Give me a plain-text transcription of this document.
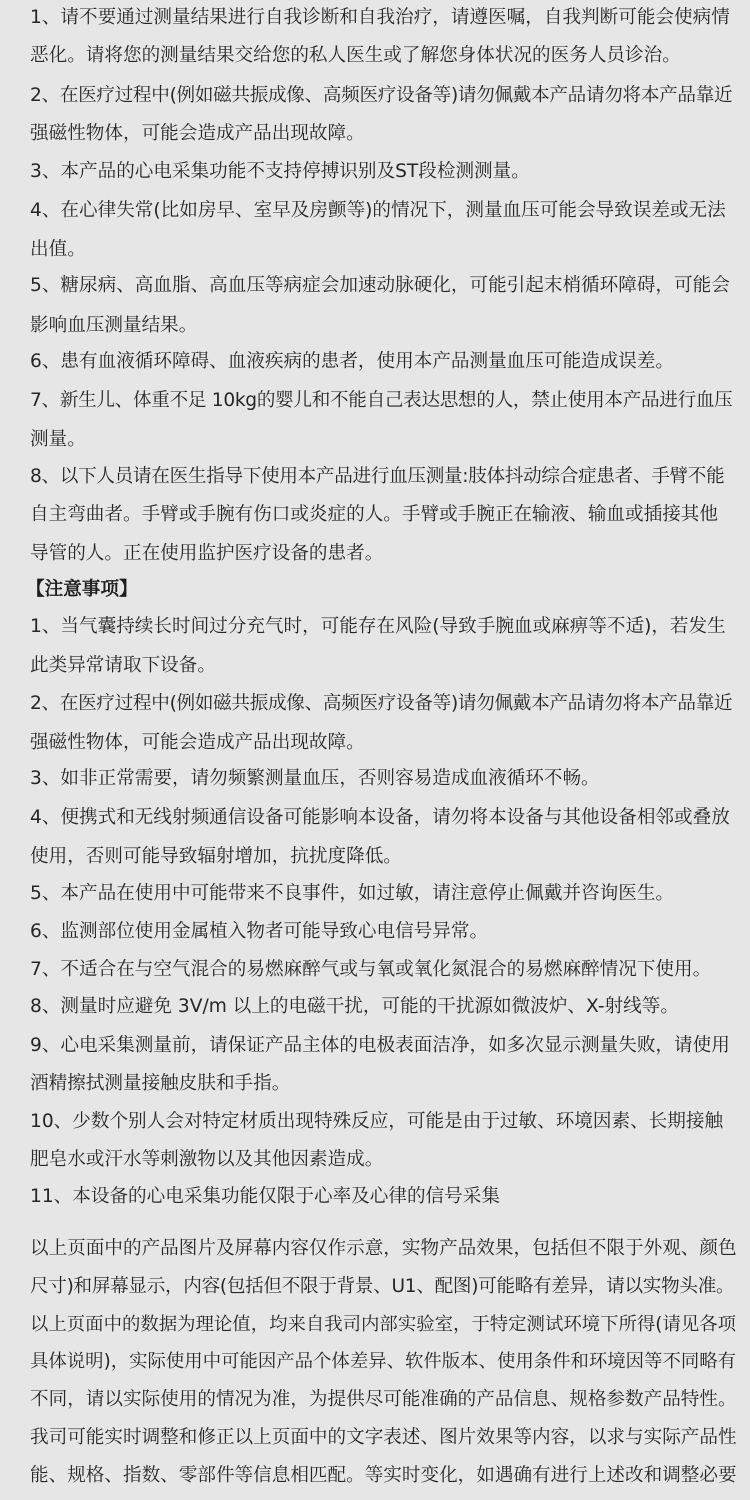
1、请不要通过测量结果进行自我诊断和自我治疗，请遵医嘱，自我判断可能会使病情
恶化。请将您的测量结果交给您的私人医生或了解您身体状况的医务人员诊治。
2、在医疗过程中(例如磁共振成像、高频医疗设备等)请勿佩戴本产品请勿将本产品靠近
强磁性物体，可能会造成产品出现故障。
3、本产品的心电采集功能不支持停搏识别及ST段检测测量。
4、在心律失常(比如房早、室早及房颤等)的情况下，测量血压可能会导致误差或无法
出值。
5、糖尿病、高血脂、高血压等病症会加速动脉硬化，可能引起末梢循环障碍，可能会
影响血压测量结果。
6、患有血液循环障碍、血液疾病的患者，使用本产品测量血压可能造成误差。
7、新生儿、体重不足 10kg的婴儿和不能自己表达思想的人，禁止使用本产品进行血压
测量。
8、以下人员请在医生指导下使用本产品进行血压测量:肢体抖动综合症患者、手臂不能
自主弯曲者。手臂或手腕有伤口或炎症的人。手臂或手腕正在输液、输血或插接其他
导管的人。正在使用监护医疗设备的患者。
【注意事项】
1、当气囊持续长时间过分充气时，可能存在风险(导致手腕血或麻痹等不适)，若发生
此类异常请取下设备。
2、在医疗过程中(例如磁共振成像、高频医疗设备等)请勿佩戴本产品请勿将本产品靠近
强磁性物体，可能会造成产品出现故障。
3、如非正常需要，请勿频繁测量血压，否则容易造成血液循环不畅。
4、便携式和无线射频通信设备可能影响本设备，请勿将本设备与其他设备相邻或叠放
使用，否则可能导致辐射增加，抗扰度降低。
5、本产品在使用中可能带来不良事件，如过敏，请注意停止佩戴并咨询医生。
6、监测部位使用金属植入物者可能导致心电信号异常。
7、不适合在与空气混合的易燃麻醉气或与氧或氧化氮混合的易燃麻醉情况下使用。
8、测量时应避免 3V/m 以上的电磁干扰，可能的干扰源如微波炉、X-射线等。
9、心电采集测量前，请保证产品主体的电极表面洁净，如多次显示测量失败，请使用
酒精擦拭测量接触皮肤和手指。
10、少数个别人会对特定材质出现特殊反应，可能是由于过敏、环境因素、长期接触
肥皂水或汗水等刺激物以及其他因素造成。
11、本设备的心电采集功能仅限于心率及心律的信号采集
以上页面中的产品图片及屏幕内容仅作示意，实物产品效果，包括但不限于外观、颜色
尺寸)和屏幕显示，内容(包括但不限于背景、U1、配图)可能略有差异，请以实物头准。
以上页面中的数据为理论值，均来自我司内部实验室，于特定测试环境下所得(请见各项
具体说明)，实际使用中可能因产品个体差异、软件版本、使用条件和环境因等不同略有
不同，请以实际使用的情况为准，为提供尽可能准确的产品信息、规格参数产品特性。
我司可能实时调整和修正以上页面中的文字表述、图片效果等内容，以求与实际产品性
能、规格、指数、零部件等信息相匹配。等实时变化，如遇确有进行上述改和调整必要
